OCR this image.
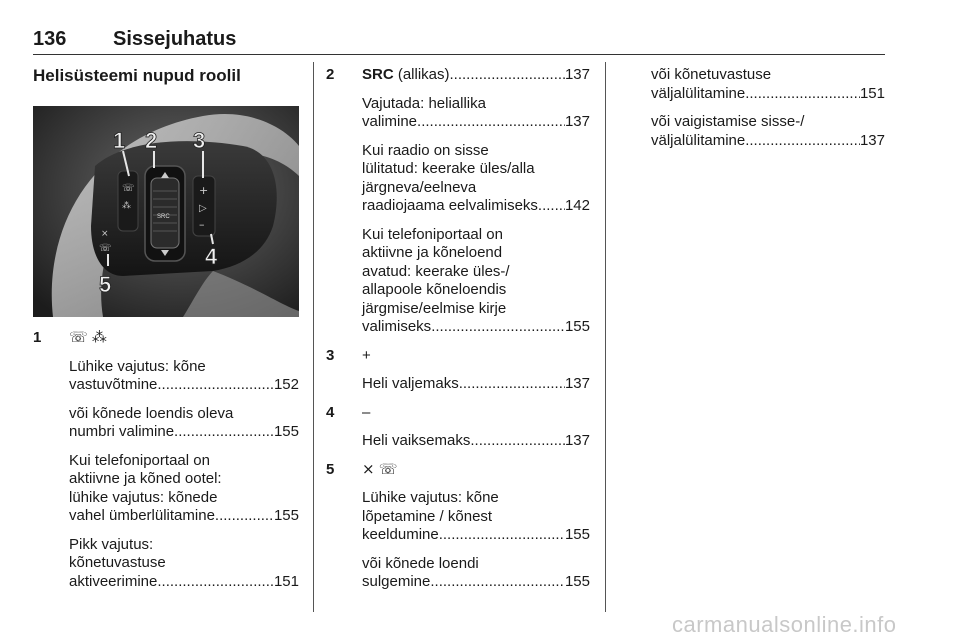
136 Sissejuhatus
Helisüsteemi nupud roolil
SRC
☏
⁂
+
▷
–
⨯
☏
1 2 3
4
5
1 ☏ ⁂

Lühike vajutus: kõne

vastuvõtmine .....	152

või kõnede loendis oleva

numbri valimine .....	155

Kui telefoniportaal on
aktiivne ja kõned ootel:
lühike vajutus: kõnede

vahel ümberlülitamine .....	155

Pikk vajutus:
kõnetuvastuse

aktiveerimine .....	151

2 SRC (allikas) .....	137

Vajutada: heliallika

valimine .....	137

Kui raadio on sisse
lülitatud: keerake üles/alla
järgneva/eelneva

raadiojaama eelvalimiseks ..... 142

Kui telefoniportaal on
aktiivne ja kõneloend
avatud: keerake üles-/
allapoole kõneloendis
järgmise/eelmise kirje

valimiseks .....	155

3 +

Heli valjemaks .....	137

4 –

Heli vaiksemaks .....	137

5 ⨯ ☏

Lühike vajutus: kõne
lõpetamine / kõnest

keeldumine .....	155

või kõnede loendi

sulgemine .....	155

või kõnetuvastuse

väljalülitamine .....	151

või vaigistamise sisse-/

väljalülitamine .....	137

carmanualsonline.info
